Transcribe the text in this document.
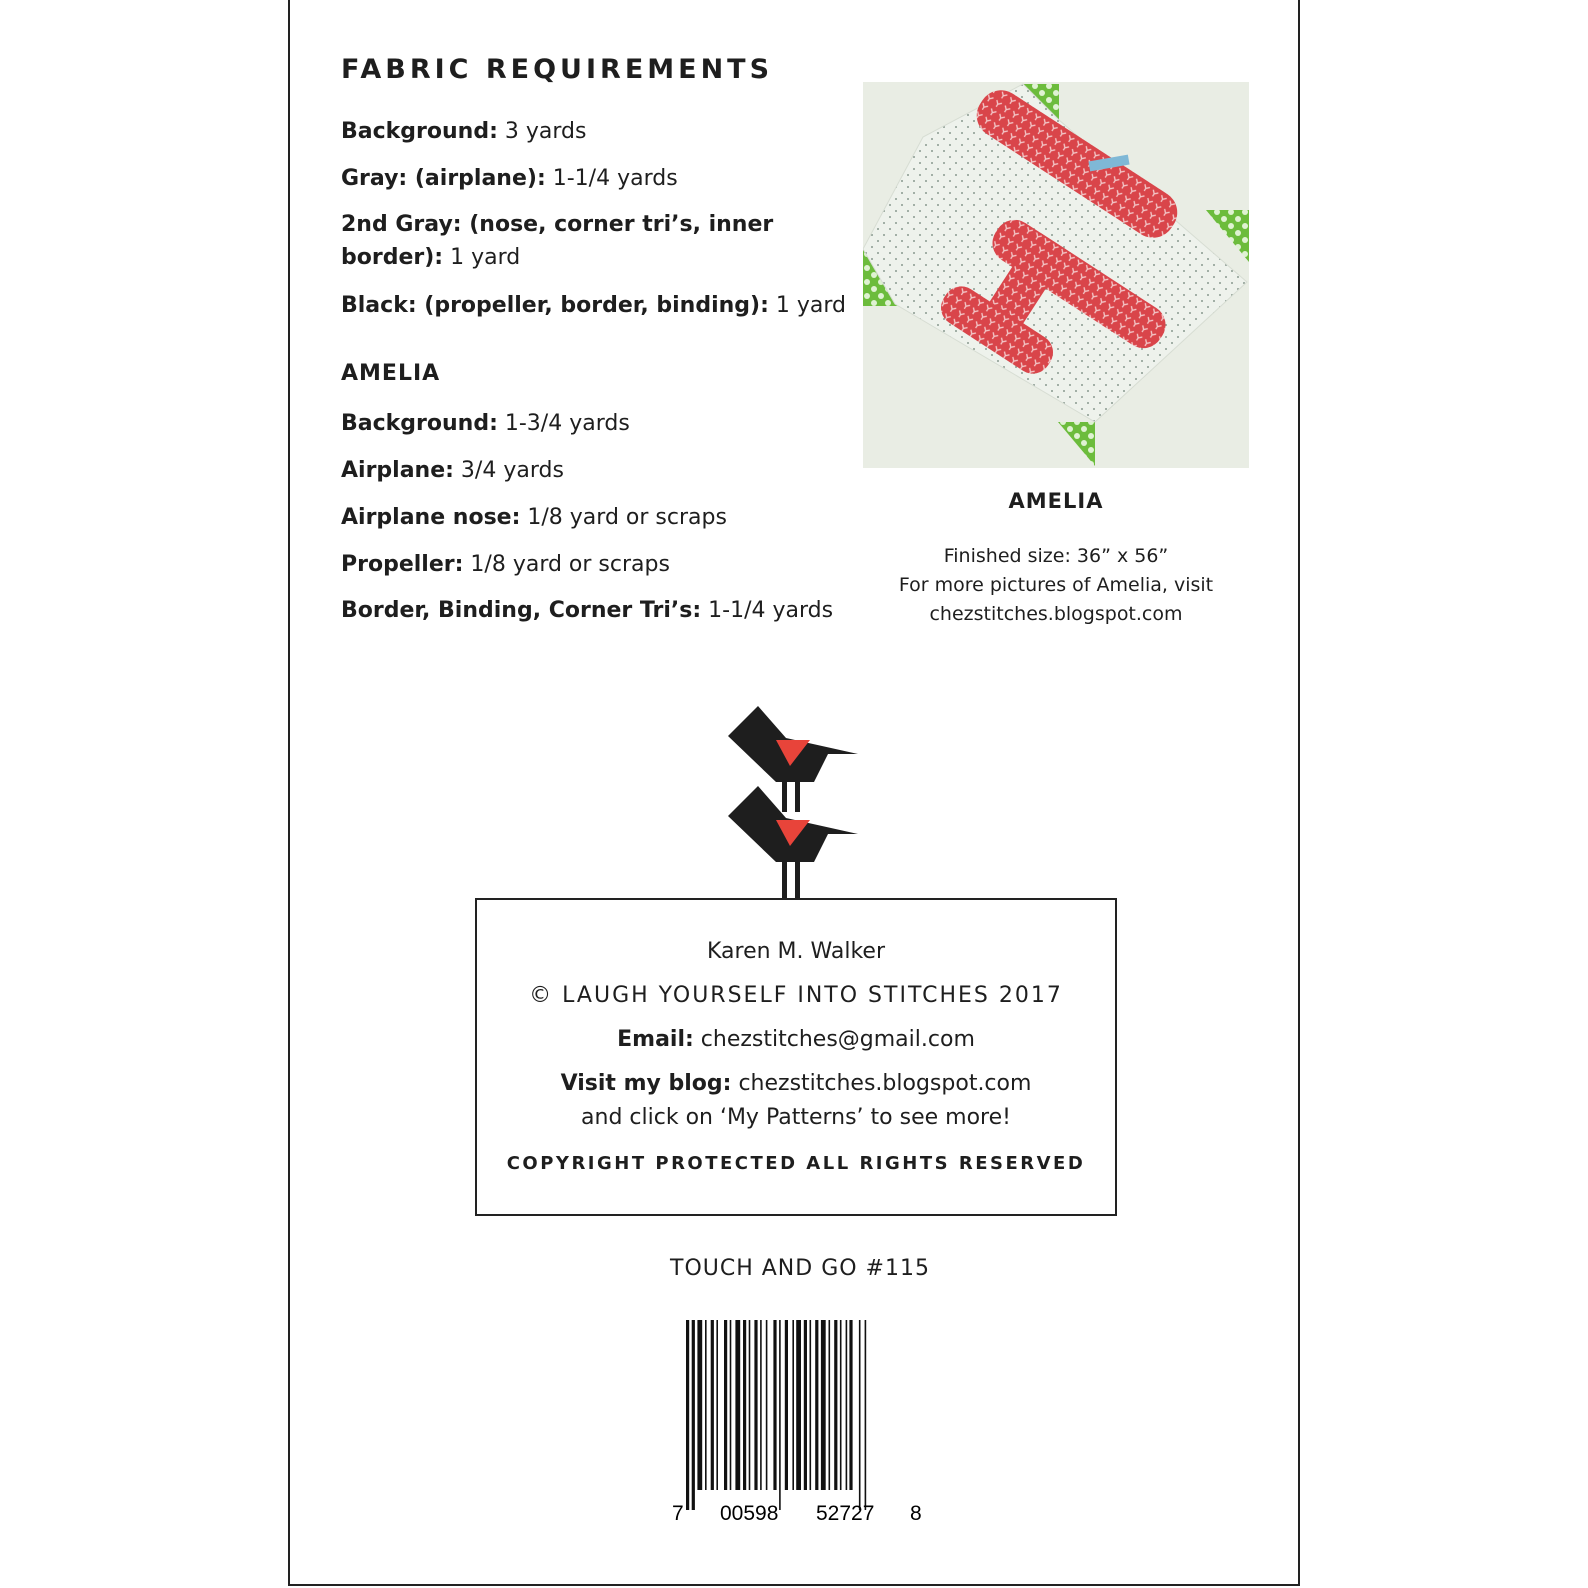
FABRIC REQUIREMENTS
Background: 3 yards
Gray: (airplane): 1-1/4 yards
2nd Gray: (nose, corner tri’s, inner
border): 1 yard
Black: (propeller, border, binding): 1 yard
AMELIA
Background: 1-3/4 yards
Airplane: 3/4 yards
Airplane nose: 1/8 yard or scraps
Propeller: 1/8 yard or scraps
Border, Binding, Corner Tri’s: 1-1/4 yards
AMELIA
Finished size: 36” x 56”
For more pictures of Amelia, visit
chezstitches.blogspot.com
Karen M. Walker
© LAUGH YOURSELF INTO STITCHES 2017
Email: chezstitches@gmail.com
Visit my blog: chezstitches.blogspot.com
and click on ‘My Patterns’ to see more!
COPYRIGHT PROTECTED ALL RIGHTS RESERVED
TOUCH AND GO #115
7 00598 52727 8
